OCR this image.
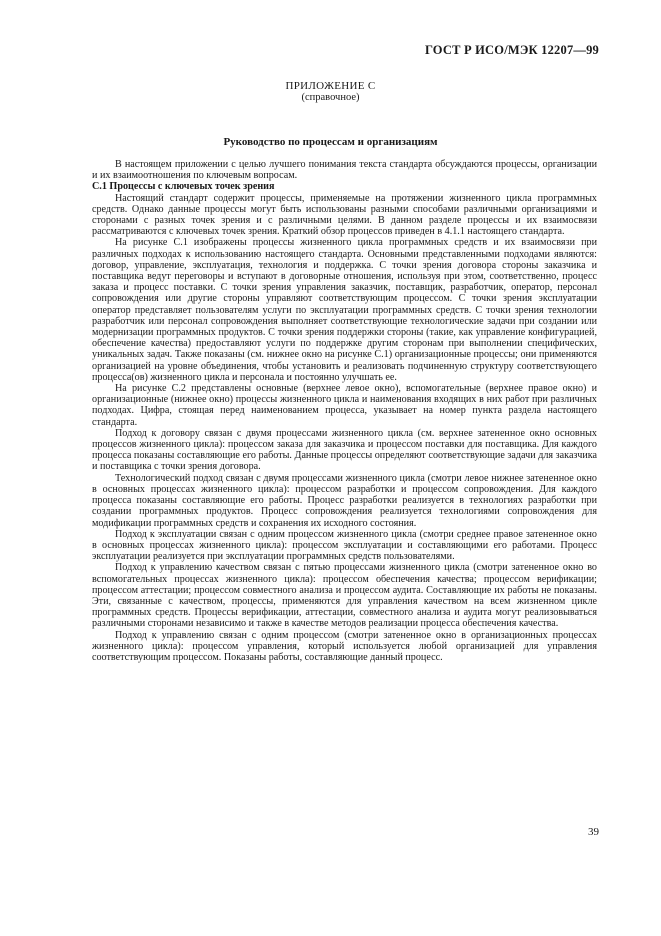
ГОСТ Р ИСО/МЭК 12207—99
ПРИЛОЖЕНИЕ С
(справочное)
Руководство по процессам и организациям

В настоящем приложении с целью лучшего понимания текста стандарта обсуждаются процессы, организации и их взаимоотношения по ключевым вопросам.

С.1 Процессы с ключевых точек зрения

Настоящий стандарт содержит процессы, применяемые на протяжении жизненного цикла программных средств. Однако данные процессы могут быть использованы разными способами различными организациями и сторонами с разных точек зрения и с различными целями. В данном разделе процессы и их взаимосвязи рассматриваются с ключевых точек зрения. Краткий обзор процессов приведен в 4.1.1 настоящего стандарта.

На рисунке С.1 изображены процессы жизненного цикла программных средств и их взаимосвязи при различных подходах к использованию настоящего стандарта. Основными представленными подходами являются: договор, управление, эксплуатация, технология и поддержка. С точки зрения договора стороны заказчика и поставщика ведут переговоры и вступают в договорные отношения, используя при этом, соответственно, процесс заказа и процесс поставки. С точки зрения управления заказчик, поставщик, разработчик, оператор, персонал сопровождения или другие стороны управляют соответствующим процессом. С точки зрения эксплуатации оператор представляет пользователям услуги по эксплуатации программных средств. С точки зрения технологии разработчик или персонал сопровождения выполняет соответствующие технологические задачи при создании или модернизации программных продуктов. С точки зрения поддержки стороны (такие, как управление конфигурацией, обеспечение качества) предоставляют услуги по поддержке другим сторонам при выполнении специфических, уникальных задач. Также показаны (см. нижнее окно на рисунке С.1) организационные процессы; они применяются организацией на уровне объединения, чтобы установить и реализовать подчиненную структуру соответствующего процесса(ов) жизненного цикла и персонала и постоянно улучшать ее.

На рисунке С.2 представлены основные (верхнее левое окно), вспомогательные (верхнее правое окно) и организационные (нижнее окно) процессы жизненного цикла и наименования входящих в них работ при различных подходах. Цифра, стоящая перед наименованием процесса, указывает на номер пункта раздела настоящего стандарта.

Подход к договору связан с двумя процессами жизненного цикла (см. верхнее затененное окно основных процессов жизненного цикла): процессом заказа для заказчика и процессом поставки для поставщика. Для каждого процесса показаны составляющие его работы. Данные процессы определяют соответствующие задачи для заказчика и поставщика с точки зрения договора.

Технологический подход связан с двумя процессами жизненного цикла (смотри левое нижнее затененное окно в основных процессах жизненного цикла): процессом разработки и процессом сопровождения. Для каждого процесса показаны составляющие его работы. Процесс разработки реализуется в технологиях разработки при создании программных продуктов. Процесс сопровождения реализуется технологиями сопровождения для модификации программных средств и сохранения их исходного состояния.

Подход к эксплуатации связан с одним процессом жизненного цикла (смотри среднее правое затененное окно в основных процессах жизненного цикла): процессом эксплуатации и составляющими его работами. Процесс эксплуатации реализуется при эксплуатации программных средств пользователями.

Подход к управлению качеством связан с пятью процессами жизненного цикла (смотри затененное окно во вспомогательных процессах жизненного цикла): процессом обеспечения качества; процессом верификации; процессом аттестации; процессом совместного анализа и процессом аудита. Составляющие их работы не показаны. Эти, связанные с качеством, процессы, применяются для управления качеством на всем жизненном цикле программных средств. Процессы верификации, аттестации, совместного анализа и аудита могут реализовываться различными сторонами независимо и также в качестве методов реализации процесса обеспечения качества.

Подход к управлению связан с одним процессом (смотри затененное окно в организационных процессах жизненного цикла): процессом управления, который используется любой организацией для управления соответствующим процессом. Показаны работы, составляющие данный процесс.

39
